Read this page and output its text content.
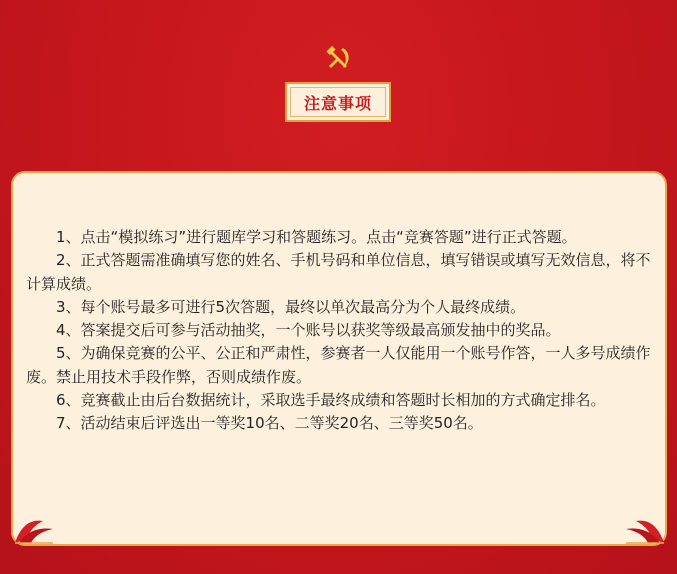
注意事项
1、点击“模拟练习”进行题库学习和答题练习。点击“竞赛答题”进行正式答题。
2、正式答题需准确填写您的姓名、手机号码和单位信息，填写错误或填写无效信息，将不计算成绩。
3、每个账号最多可进行5次答题，最终以单次最高分为个人最终成绩。
4、答案提交后可参与活动抽奖，一个账号以获奖等级最高颁发抽中的奖品。
5、为确保竞赛的公平、公正和严肃性，参赛者一人仅能用一个账号作答，一人多号成绩作废。禁止用技术手段作弊，否则成绩作废。
6、竞赛截止由后台数据统计，采取选手最终成绩和答题时长相加的方式确定排名。
7、活动结束后评选出一等奖10名、二等奖20名、三等奖50名。
